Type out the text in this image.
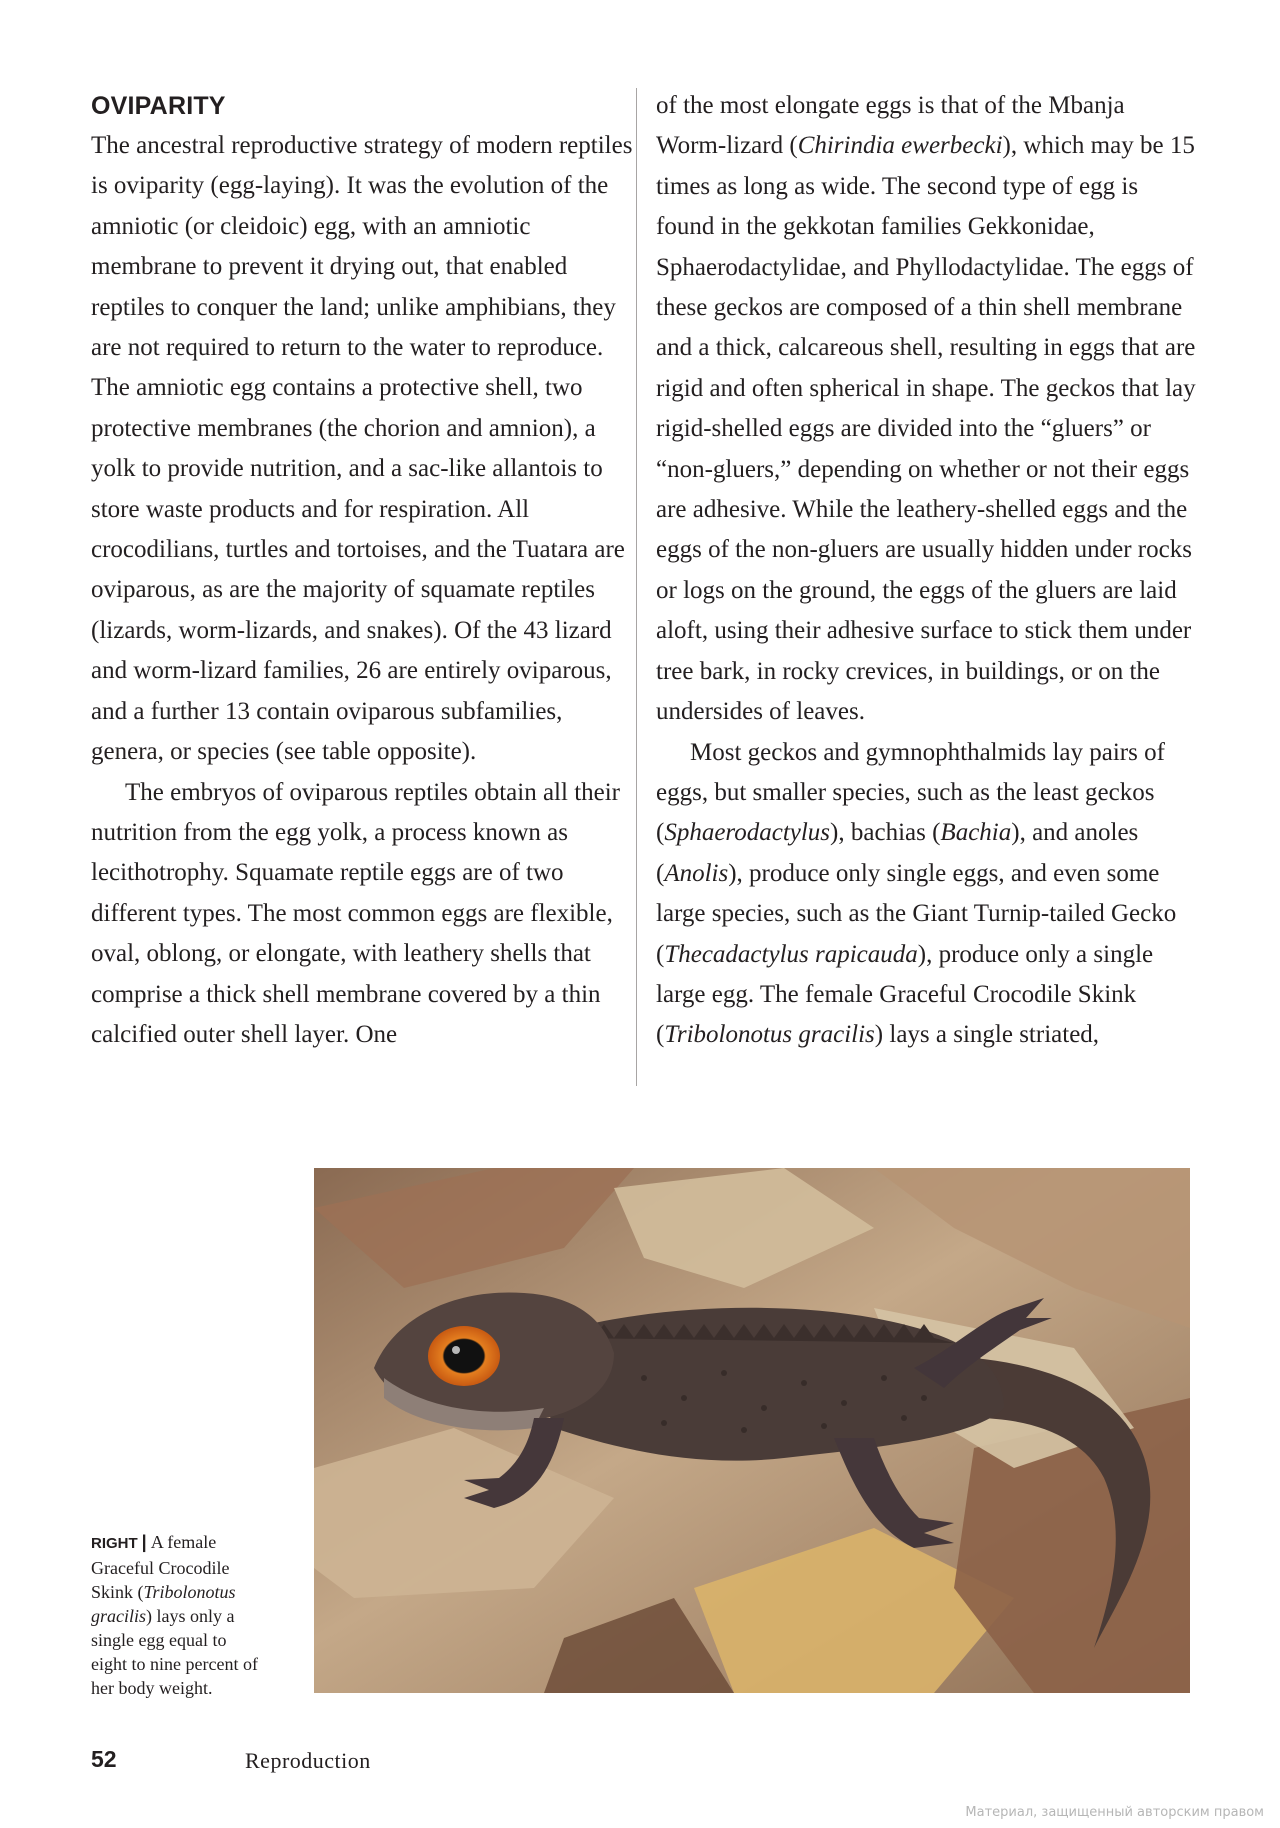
OVIPARITY

The ancestral reproductive strategy of modern reptiles is oviparity (egg-laying). It was the evolution of the amniotic (or cleidoic) egg, with an amniotic membrane to prevent it drying out, that enabled reptiles to conquer the land; unlike amphibians, they are not required to return to the water to reproduce. The amniotic egg contains a protective shell, two protective membranes (the chorion and amnion), a yolk to provide nutrition, and a sac-like allantois to store waste products and for respiration. All crocodilians, turtles and tortoises, and the Tuatara are oviparous, as are the majority of squamate reptiles (lizards, worm-lizards, and snakes). Of the 43 lizard and worm-lizard families, 26 are entirely oviparous, and a further 13 contain oviparous subfamilies, genera, or species (see table opposite).

The embryos of oviparous reptiles obtain all their nutrition from the egg yolk, a process known as lecithotrophy. Squamate reptile eggs are of two different types. The most common eggs are flexible, oval, oblong, or elongate, with leathery shells that comprise a thick shell membrane covered by a thin calcified outer shell layer. One

of the most elongate eggs is that of the Mbanja Worm-lizard (Chirindia ewerbecki), which may be 15 times as long as wide. The second type of egg is found in the gekkotan families Gekkonidae, Sphaerodactylidae, and Phyllodactylidae. The eggs of these geckos are composed of a thin shell membrane and a thick, calcareous shell, resulting in eggs that are rigid and often spherical in shape. The geckos that lay rigid-shelled eggs are divided into the “gluers” or “non-gluers,” depending on whether or not their eggs are adhesive. While the leathery-shelled eggs and the eggs of the non-gluers are usually hidden under rocks or logs on the ground, the eggs of the gluers are laid aloft, using their adhesive surface to stick them under tree bark, in rocky crevices, in buildings, or on the undersides of leaves.

Most geckos and gymnophthalmids lay pairs of eggs, but smaller species, such as the least geckos (Sphaerodactylus), bachias (Bachia), and anoles (Anolis), produce only single eggs, and even some large species, such as the Giant Turnip-tailed Gecko (Thecadactylus rapicauda), produce only a single large egg. The female Graceful Crocodile Skink (Tribolonotus gracilis) lays a single striated,

RIGHT | A female Graceful Crocodile Skink (Tribolonotus gracilis) lays only a single egg equal to eight to nine percent of her body weight.
52	Reproduction
Материал, защищенный авторским правом
